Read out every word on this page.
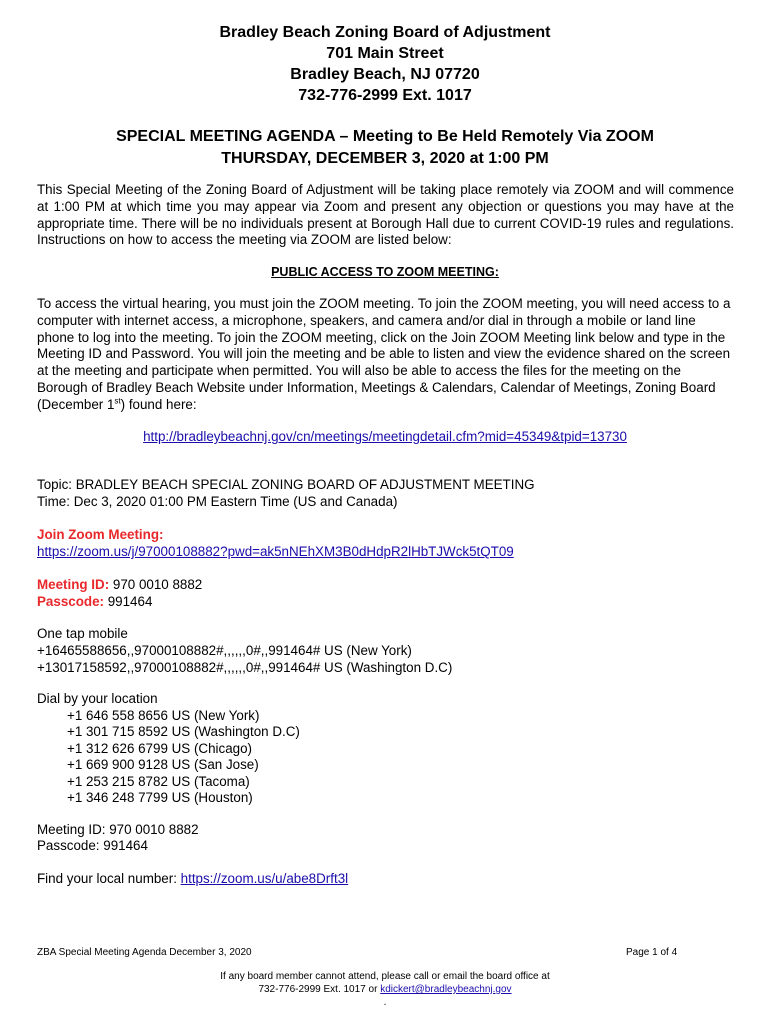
Bradley Beach Zoning Board of Adjustment
701 Main Street
Bradley Beach, NJ 07720
732-776-2999 Ext. 1017
SPECIAL MEETING AGENDA – Meeting to Be Held Remotely Via ZOOM
THURSDAY, DECEMBER 3, 2020 at 1:00 PM
This Special Meeting of the Zoning Board of Adjustment will be taking place remotely via ZOOM and will commence at 1:00 PM at which time you may appear via Zoom and present any objection or questions you may have at the appropriate time. There will be no individuals present at Borough Hall due to current COVID-19 rules and regulations. Instructions on how to access the meeting via ZOOM are listed below:
PUBLIC ACCESS TO ZOOM MEETING:
To access the virtual hearing, you must join the ZOOM meeting. To join the ZOOM meeting, you will need access to a computer with internet access, a microphone, speakers, and camera and/or dial in through a mobile or land line phone to log into the meeting. To join the ZOOM meeting, click on the Join ZOOM Meeting link below and type in the Meeting ID and Password. You will join the meeting and be able to listen and view the evidence shared on the screen at the meeting and participate when permitted. You will also be able to access the files for the meeting on the Borough of Bradley Beach Website under Information, Meetings & Calendars, Calendar of Meetings, Zoning Board (December 1st) found here:
http://bradleybeachnj.gov/cn/meetings/meetingdetail.cfm?mid=45349&tpid=13730
Topic: BRADLEY BEACH SPECIAL ZONING BOARD OF ADJUSTMENT MEETING
Time: Dec 3, 2020 01:00 PM Eastern Time (US and Canada)
Join Zoom Meeting:
https://zoom.us/j/97000108882?pwd=ak5nNEhXM3B0dHdpR2lHbTJWck5tQT09
Meeting ID: 970 0010 8882
Passcode: 991464
One tap mobile
+16465588656,,97000108882#,,,,,,0#,,991464# US (New York)
+13017158592,,97000108882#,,,,,,0#,,991464# US (Washington D.C)
Dial by your location
+1 646 558 8656 US (New York)
+1 301 715 8592 US (Washington D.C)
+1 312 626 6799 US (Chicago)
+1 669 900 9128 US (San Jose)
+1 253 215 8782 US (Tacoma)
+1 346 248 7799 US (Houston)
Meeting ID: 970 0010 8882
Passcode: 991464
Find your local number: https://zoom.us/u/abe8Drft3l
ZBA Special Meeting Agenda December 3, 2020	Page 1 of 4
If any board member cannot attend, please call or email the board office at
732-776-2999 Ext. 1017 or kdickert@bradleybeachnj.gov
.
